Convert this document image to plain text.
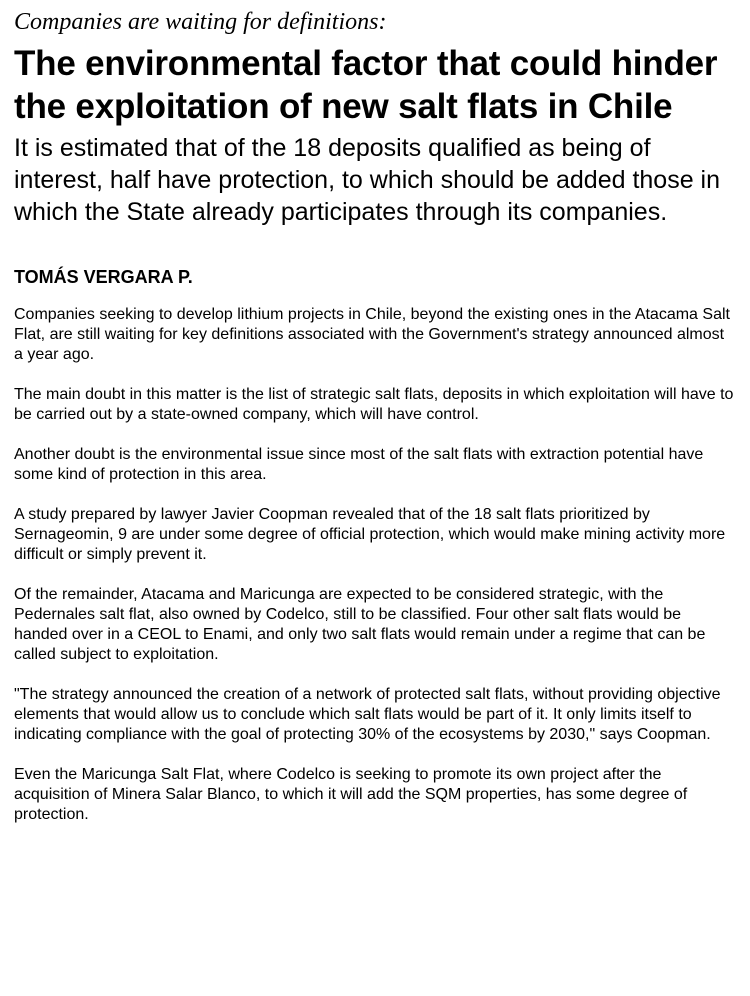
Companies are waiting for definitions:
The environmental factor that could hinder the exploitation of new salt flats in Chile
It is estimated that of the 18 deposits qualified as being of interest, half have protection, to which should be added those in which the State already participates through its companies.
TOMÁS VERGARA P.

Companies seeking to develop lithium projects in Chile, beyond the existing ones in the Atacama Salt Flat, are still waiting for key definitions associated with the Government's strategy announced almost a year ago.

The main doubt in this matter is the list of strategic salt flats, deposits in which exploitation will have to be carried out by a state-owned company, which will have control.

Another doubt is the environmental issue since most of the salt flats with extraction potential have some kind of protection in this area.

A study prepared by lawyer Javier Coopman revealed that of the 18 salt flats prioritized by Sernageomin, 9 are under some degree of official protection, which would make mining activity more difficult or simply prevent it.

Of the remainder, Atacama and Maricunga are expected to be considered strategic, with the Pedernales salt flat, also owned by Codelco, still to be classified. Four other salt flats would be handed over in a CEOL to Enami, and only two salt flats would remain under a regime that can be called subject to exploitation.

"The strategy announced the creation of a network of protected salt flats, without providing objective elements that would allow us to conclude which salt flats would be part of it. It only limits itself to indicating compliance with the goal of protecting 30% of the ecosystems by 2030," says Coopman.

Even the Maricunga Salt Flat, where Codelco is seeking to promote its own project after the acquisition of Minera Salar Blanco, to which it will add the SQM properties, has some degree of protection.
